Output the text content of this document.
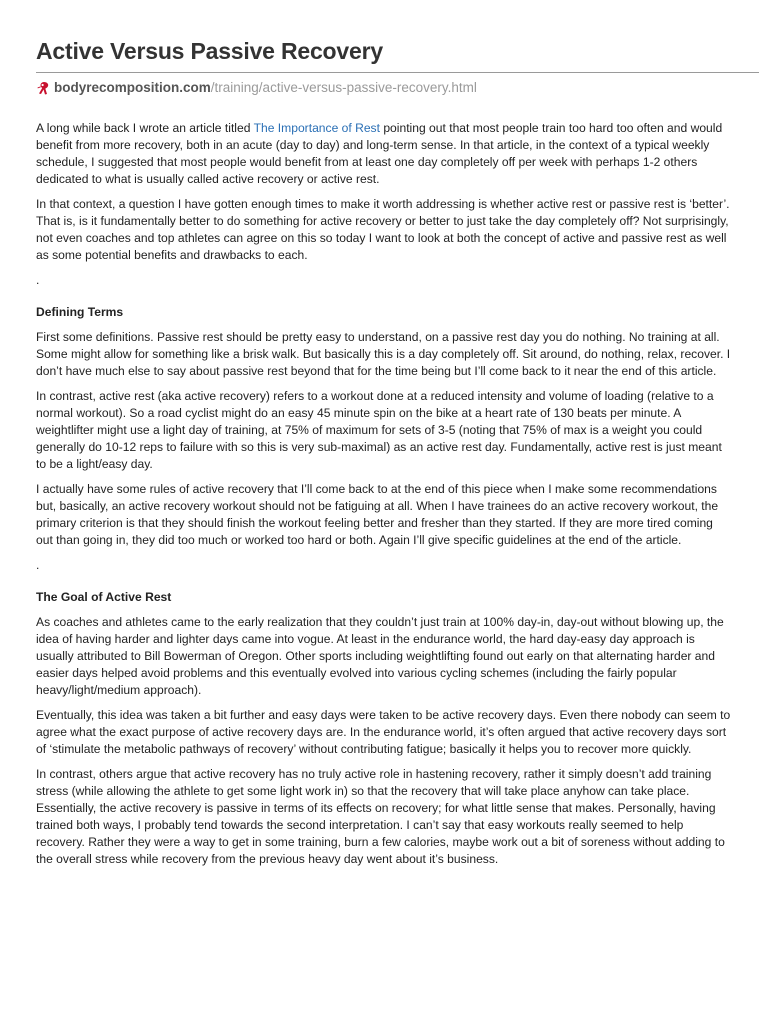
Active Versus Passive Recovery
bodyrecomposition.com /training/active-versus-passive-recovery.html

A long while back I wrote an article titled The Importance of Rest pointing out that most people train too hard too often and would benefit from more recovery, both in an acute (day to day) and long-term sense. In that article, in the context of a typical weekly schedule, I suggested that most people would benefit from at least one day completely off per week with perhaps 1-2 others dedicated to what is usually called active recovery or active rest.

In that context, a question I have gotten enough times to make it worth addressing is whether active rest or passive rest is ‘better’. That is, is it fundamentally better to do something for active recovery or better to just take the day completely off? Not surprisingly, not even coaches and top athletes can agree on this so today I want to look at both the concept of active and passive rest as well as some potential benefits and drawbacks to each.

.

Defining Terms

First some definitions. Passive rest should be pretty easy to understand, on a passive rest day you do nothing. No training at all. Some might allow for something like a brisk walk. But basically this is a day completely off. Sit around, do nothing, relax, recover. I don’t have much else to say about passive rest beyond that for the time being but I’ll come back to it near the end of this article.

In contrast, active rest (aka active recovery) refers to a workout done at a reduced intensity and volume of loading (relative to a normal workout). So a road cyclist might do an easy 45 minute spin on the bike at a heart rate of 130 beats per minute. A weightlifter might use a light day of training, at 75% of maximum for sets of 3-5 (noting that 75% of max is a weight you could generally do 10-12 reps to failure with so this is very sub-maximal) as an active rest day. Fundamentally, active rest is just meant to be a light/easy day.

I actually have some rules of active recovery that I’ll come back to at the end of this piece when I make some recommendations but, basically, an active recovery workout should not be fatiguing at all. When I have trainees do an active recovery workout, the primary criterion is that they should finish the workout feeling better and fresher than they started. If they are more tired coming out than going in, they did too much or worked too hard or both. Again I’ll give specific guidelines at the end of the article.

.

The Goal of Active Rest

As coaches and athletes came to the early realization that they couldn’t just train at 100% day-in, day-out without blowing up, the idea of having harder and lighter days came into vogue. At least in the endurance world, the hard day-easy day approach is usually attributed to Bill Bowerman of Oregon. Other sports including weightlifting found out early on that alternating harder and easier days helped avoid problems and this eventually evolved into various cycling schemes (including the fairly popular heavy/light/medium approach).

Eventually, this idea was taken a bit further and easy days were taken to be active recovery days. Even there nobody can seem to agree what the exact purpose of active recovery days are. In the endurance world, it’s often argued that active recovery days sort of ‘stimulate the metabolic pathways of recovery’ without contributing fatigue; basically it helps you to recover more quickly.

In contrast, others argue that active recovery has no truly active role in hastening recovery, rather it simply doesn’t add training stress (while allowing the athlete to get some light work in) so that the recovery that will take place anyhow can take place. Essentially, the active recovery is passive in terms of its effects on recovery; for what little sense that makes. Personally, having trained both ways, I probably tend towards the second interpretation. I can’t say that easy workouts really seemed to help recovery. Rather they were a way to get in some training, burn a few calories, maybe work out a bit of soreness without adding to the overall stress while recovery from the previous heavy day went about it’s business.
